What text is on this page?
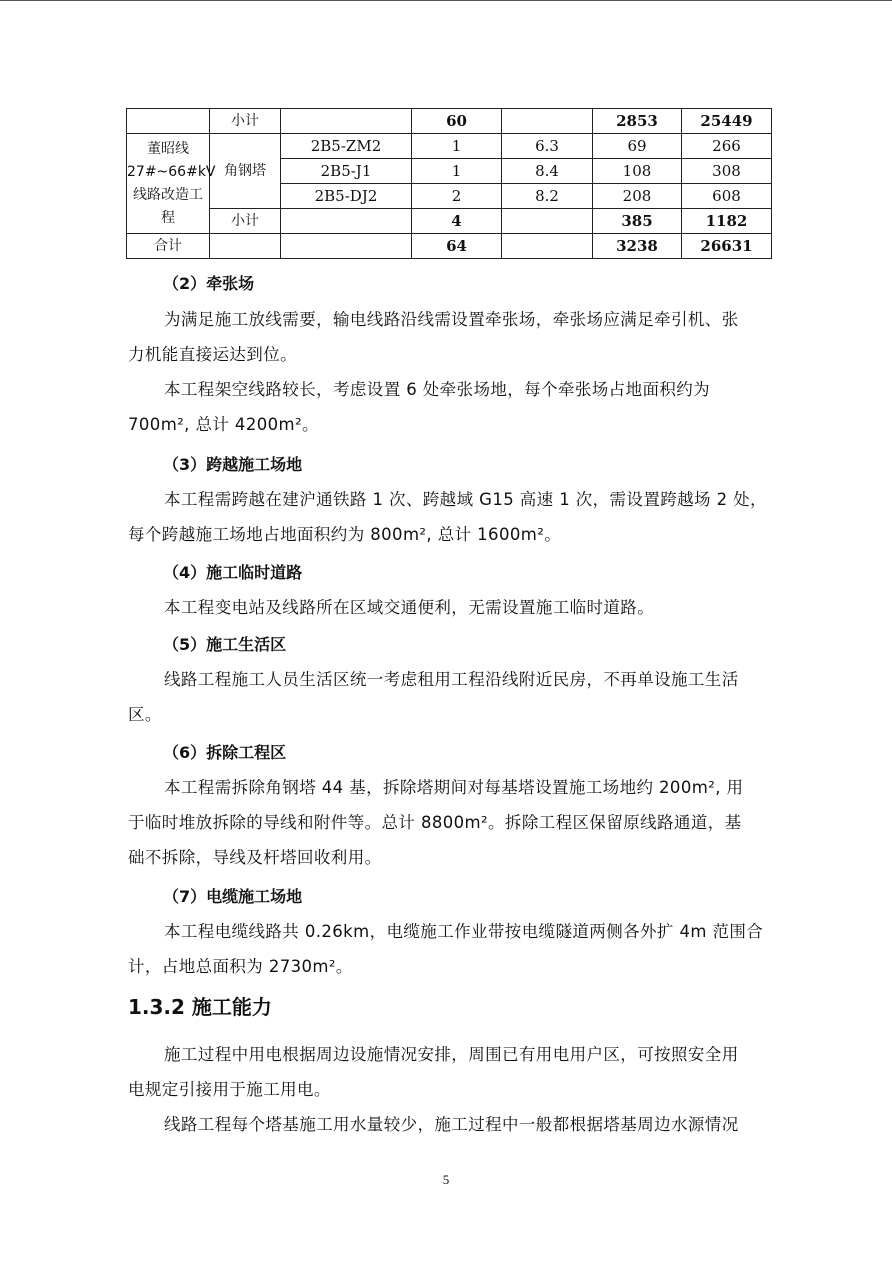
	小计		60		2853	25449
董昭线
27#~66#kV
线路改造工
程	角钢塔	2B5-ZM2	1	6.3	69	266
		2B5-J1	1	8.4	108	308
		2B5-DJ2	2	8.2	208	608
	小计		4		385	1182
合计			64		3238	26631

（2）牵张场

为满足施工放线需要，输电线路沿线需设置牵张场，牵张场应满足牵引机、张
力机能直接运达到位。
本工程架空线路较长，考虑设置 6 处牵张场地，每个牵张场占地面积约为
700m², 总计 4200m²。

（3）跨越施工场地

本工程需跨越在建沪通铁路 1 次、跨越域 G15 高速 1 次，需设置跨越场 2 处，
每个跨越施工场地占地面积约为 800m², 总计 1600m²。

（4）施工临时道路

本工程变电站及线路所在区域交通便利，无需设置施工临时道路。

（5）施工生活区

线路工程施工人员生活区统一考虑租用工程沿线附近民房，不再单设施工生活
区。

（6）拆除工程区

本工程需拆除角钢塔 44 基，拆除塔期间对每基塔设置施工场地约 200m², 用
于临时堆放拆除的导线和附件等。总计 8800m²。拆除工程区保留原线路通道，基
础不拆除，导线及杆塔回收利用。

（7）电缆施工场地

本工程电缆线路共 0.26km，电缆施工作业带按电缆隧道两侧各外扩 4m 范围合
计，占地总面积为 2730m²。

1.3.2 施工能力

施工过程中用电根据周边设施情况安排，周围已有用电用户区，可按照安全用
电规定引接用于施工用电。
线路工程每个塔基施工用水量较少，施工过程中一般都根据塔基周边水源情况
5
